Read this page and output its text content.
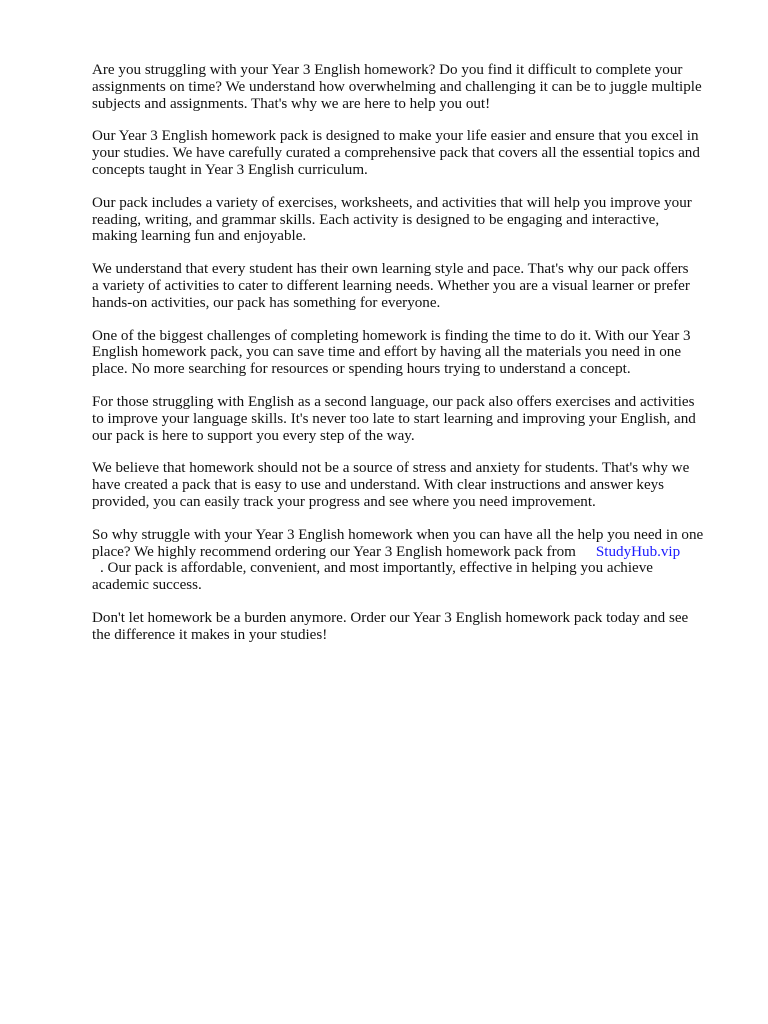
Are you struggling with your Year 3 English homework? Do you find it difficult to complete your
assignments on time? We understand how overwhelming and challenging it can be to juggle multiple
subjects and assignments. That's why we are here to help you out!

Our Year 3 English homework pack is designed to make your life easier and ensure that you excel in
your studies. We have carefully curated a comprehensive pack that covers all the essential topics and
concepts taught in Year 3 English curriculum.

Our pack includes a variety of exercises, worksheets, and activities that will help you improve your
reading, writing, and grammar skills. Each activity is designed to be engaging and interactive,
making learning fun and enjoyable.

We understand that every student has their own learning style and pace. That's why our pack offers
a variety of activities to cater to different learning needs. Whether you are a visual learner or prefer
hands-on activities, our pack has something for everyone.

One of the biggest challenges of completing homework is finding the time to do it. With our Year 3
English homework pack, you can save time and effort by having all the materials you need in one
place. No more searching for resources or spending hours trying to understand a concept.

For those struggling with English as a second language, our pack also offers exercises and activities
to improve your language skills. It's never too late to start learning and improving your English, and
our pack is here to support you every step of the way.

We believe that homework should not be a source of stress and anxiety for students. That's why we
have created a pack that is easy to use and understand. With clear instructions and answer keys
provided, you can easily track your progress and see where you need improvement.

So why struggle with your Year 3 English homework when you can have all the help you need in one
place? We highly recommend ordering our Year 3 English homework pack from StudyHub.vip
. Our pack is affordable, convenient, and most importantly, effective in helping you achieve
academic success.

Don't let homework be a burden anymore. Order our Year 3 English homework pack today and see
the difference it makes in your studies!
